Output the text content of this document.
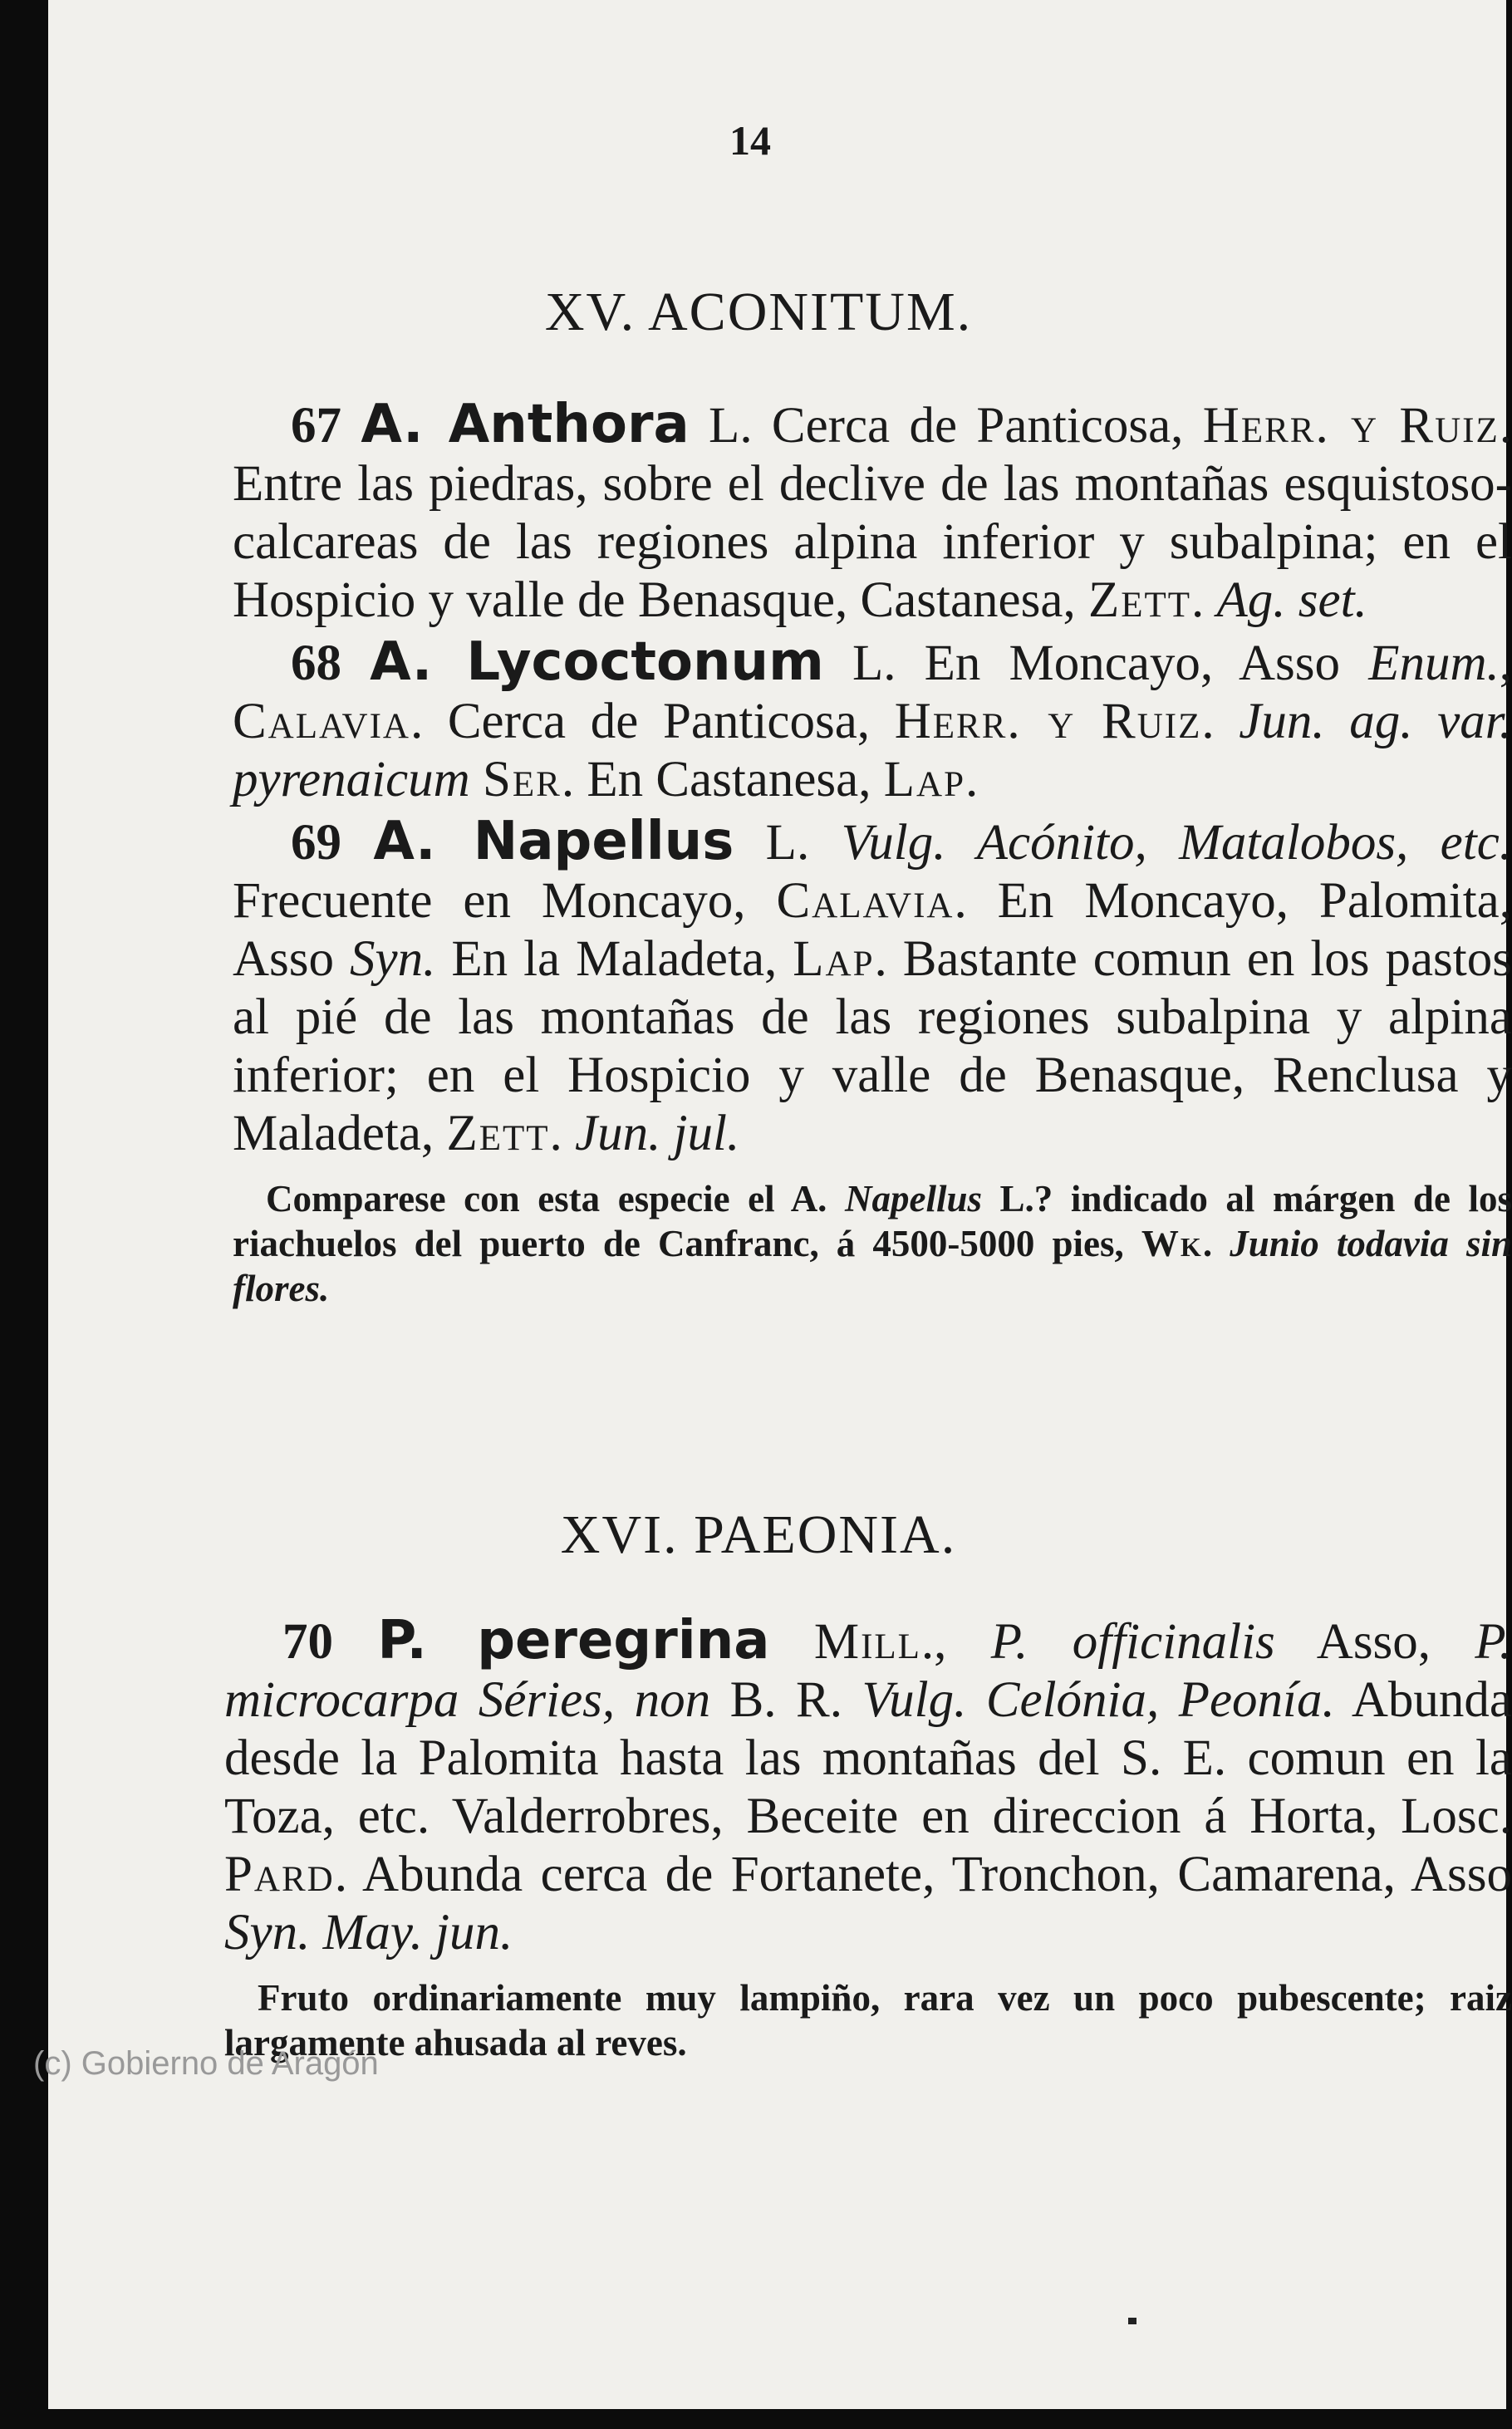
14
XV. ACONITUM.

67 A. Anthora L. Cerca de Panticosa, Herr. y Ruiz. Entre las piedras, sobre el declive de las montañas esquistoso-calcareas de las regiones alpina inferior y subalpina; en el Hospicio y valle de Benasque, Castanesa, Zett. Ag. set.

68 A. Lycoctonum L. En Moncayo, Asso Enum., Calavia. Cerca de Panticosa, Herr. y Ruiz. Jun. ag. var. pyrenaicum Ser. En Castanesa, Lap.

69 A. Napellus L. Vulg. Acónito, Matalobos, etc. Frecuente en Moncayo, Calavia. En Moncayo, Palomita, Asso Syn. En la Maladeta, Lap. Bastante comun en los pastos al pié de las montañas de las regiones subalpina y alpina inferior; en el Hospicio y valle de Benasque, Renclusa y Maladeta, Zett. Jun. jul.

Comparese con esta especie el A. Napellus L.? indicado al márgen de los riachuelos del puerto de Canfranc, á 4500-5000 pies, Wk. Junio todavia sin flores.

XVI. PAEONIA.

70 P. peregrina Mill., P. officinalis Asso, P. microcarpa Séries, non B. R. Vulg. Celónia, Peonía. Abunda desde la Palomita hasta las montañas del S. E. comun en la Toza, etc. Valderrobres, Beceite en direccion á Horta, Losc. Pard. Abunda cerca de Fortanete, Tronchon, Camarena, Asso Syn. May. jun.

Fruto ordinariamente muy lampiño, rara vez un poco pubescente; raiz largamente ahusada al reves.

(c) Gobierno de Aragón
